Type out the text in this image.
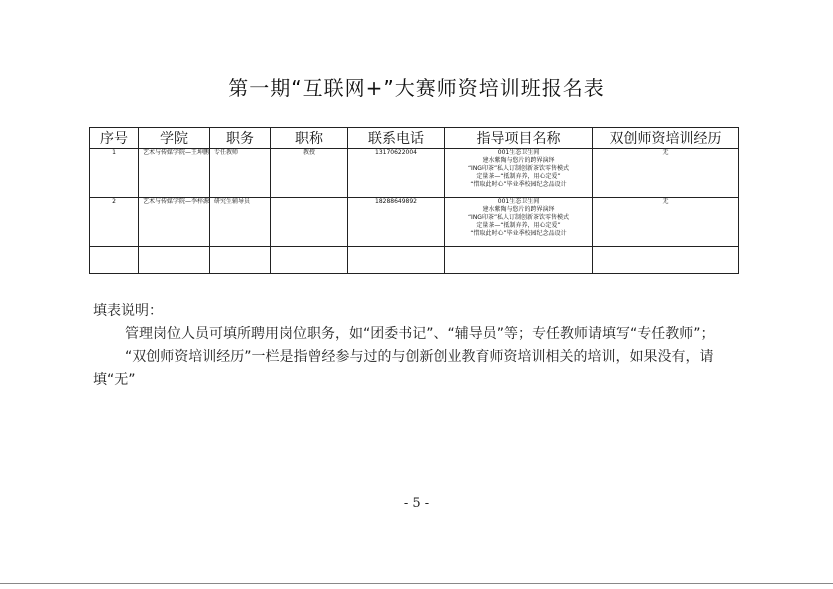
第一期“互联网+”大赛师资培训班报名表
序号	学院	职务	职称	联系电话	指导项目名称	双创师资培训经历
1	艺术与传媒学院—王坤鹏	专任教师	教授	13170622004	001生态卫生间
建水紫陶与悠片的跨界演绎
“ING印茶”私人订制创新茶饮零售模式
定量茶—“抵制弃养，用心定爱”
“惜取此时心”毕业季校园纪念品设计	无
2	艺术与传媒学院—李梓源	研究生辅导员		18288649892	001生态卫生间
建水紫陶与悠片的跨界演绎
“ING印茶”私人订制创新茶饮零售模式
定量茶—“抵制弃养，用心定爱”
“惜取此时心”毕业季校园纪念品设计	无

填表说明：

管理岗位人员可填所聘用岗位职务，如“团委书记”、“辅导员”等；专任教师请填写“专任教师”；

“双创师资培训经历”一栏是指曾经参与过的与创新创业教育师资培训相关的培训，如果没有，请填“无”

- 5 -
